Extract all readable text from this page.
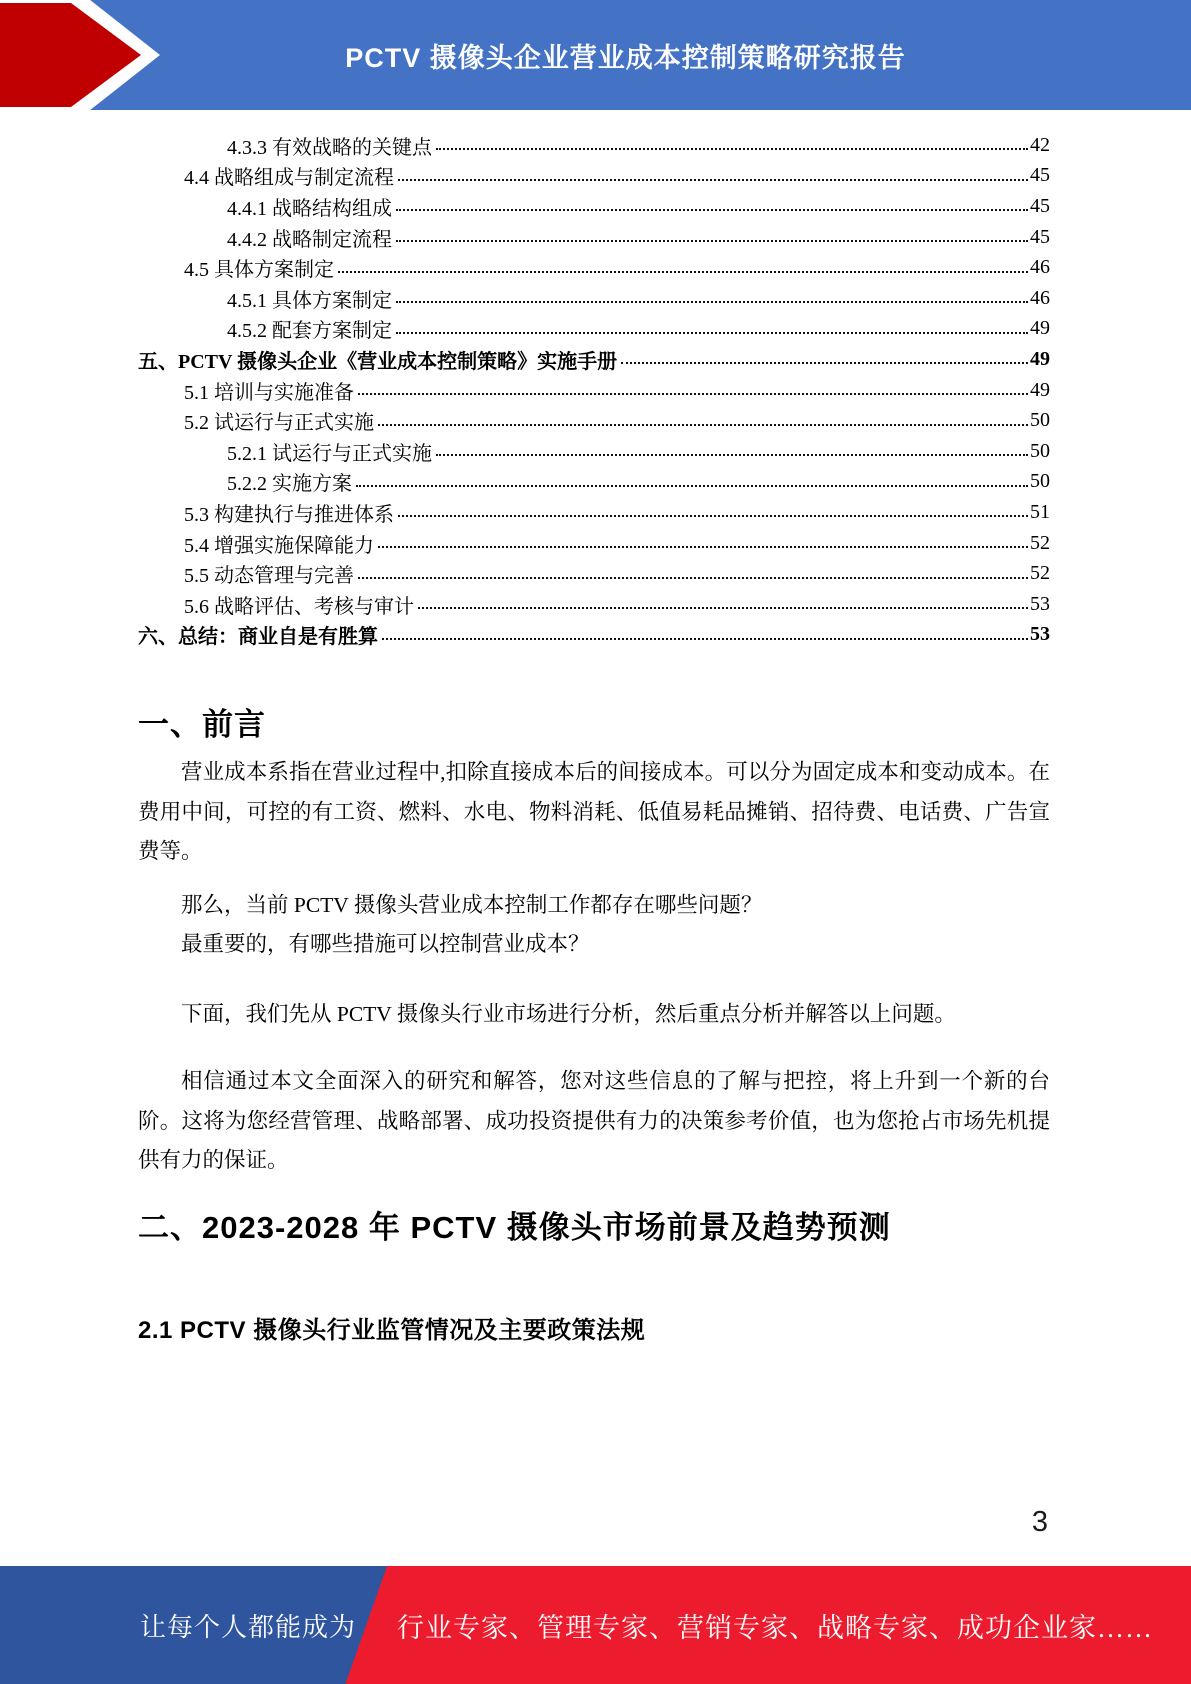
PCTV 摄像头企业营业成本控制策略研究报告
4.3.3 有效战略的关键点	42
4.4 战略组成与制定流程	45
4.4.1 战略结构组成	45
4.4.2 战略制定流程	45
4.5 具体方案制定	46
4.5.1 具体方案制定	46
4.5.2 配套方案制定	49
五、PCTV 摄像头企业《营业成本控制策略》实施手册	49
5.1 培训与实施准备	49
5.2 试运行与正式实施	50
5.2.1 试运行与正式实施	50
5.2.2 实施方案	50
5.3 构建执行与推进体系	51
5.4 增强实施保障能力	52
5.5 动态管理与完善	52
5.6 战略评估、考核与审计	53
六、总结：商业自是有胜算	53
一、前言
营业成本系指在营业过程中,扣除直接成本后的间接成本。可以分为固定成本和变动成本。在费用中间，可控的有工资、燃料、水电、物料消耗、低值易耗品摊销、招待费、电话费、广告宣费等。
那么，当前 PCTV 摄像头营业成本控制工作都存在哪些问题？
最重要的，有哪些措施可以控制营业成本？
下面，我们先从 PCTV 摄像头行业市场进行分析，然后重点分析并解答以上问题。
相信通过本文全面深入的研究和解答，您对这些信息的了解与把控，将上升到一个新的台阶。这将为您经营管理、战略部署、成功投资提供有力的决策参考价值，也为您抢占市场先机提供有力的保证。
二、2023-2028 年 PCTV 摄像头市场前景及趋势预测
2.1 PCTV 摄像头行业监管情况及主要政策法规
3
让每个人都能成为 行业专家、管理专家、营销专家、战略专家、成功企业家……
